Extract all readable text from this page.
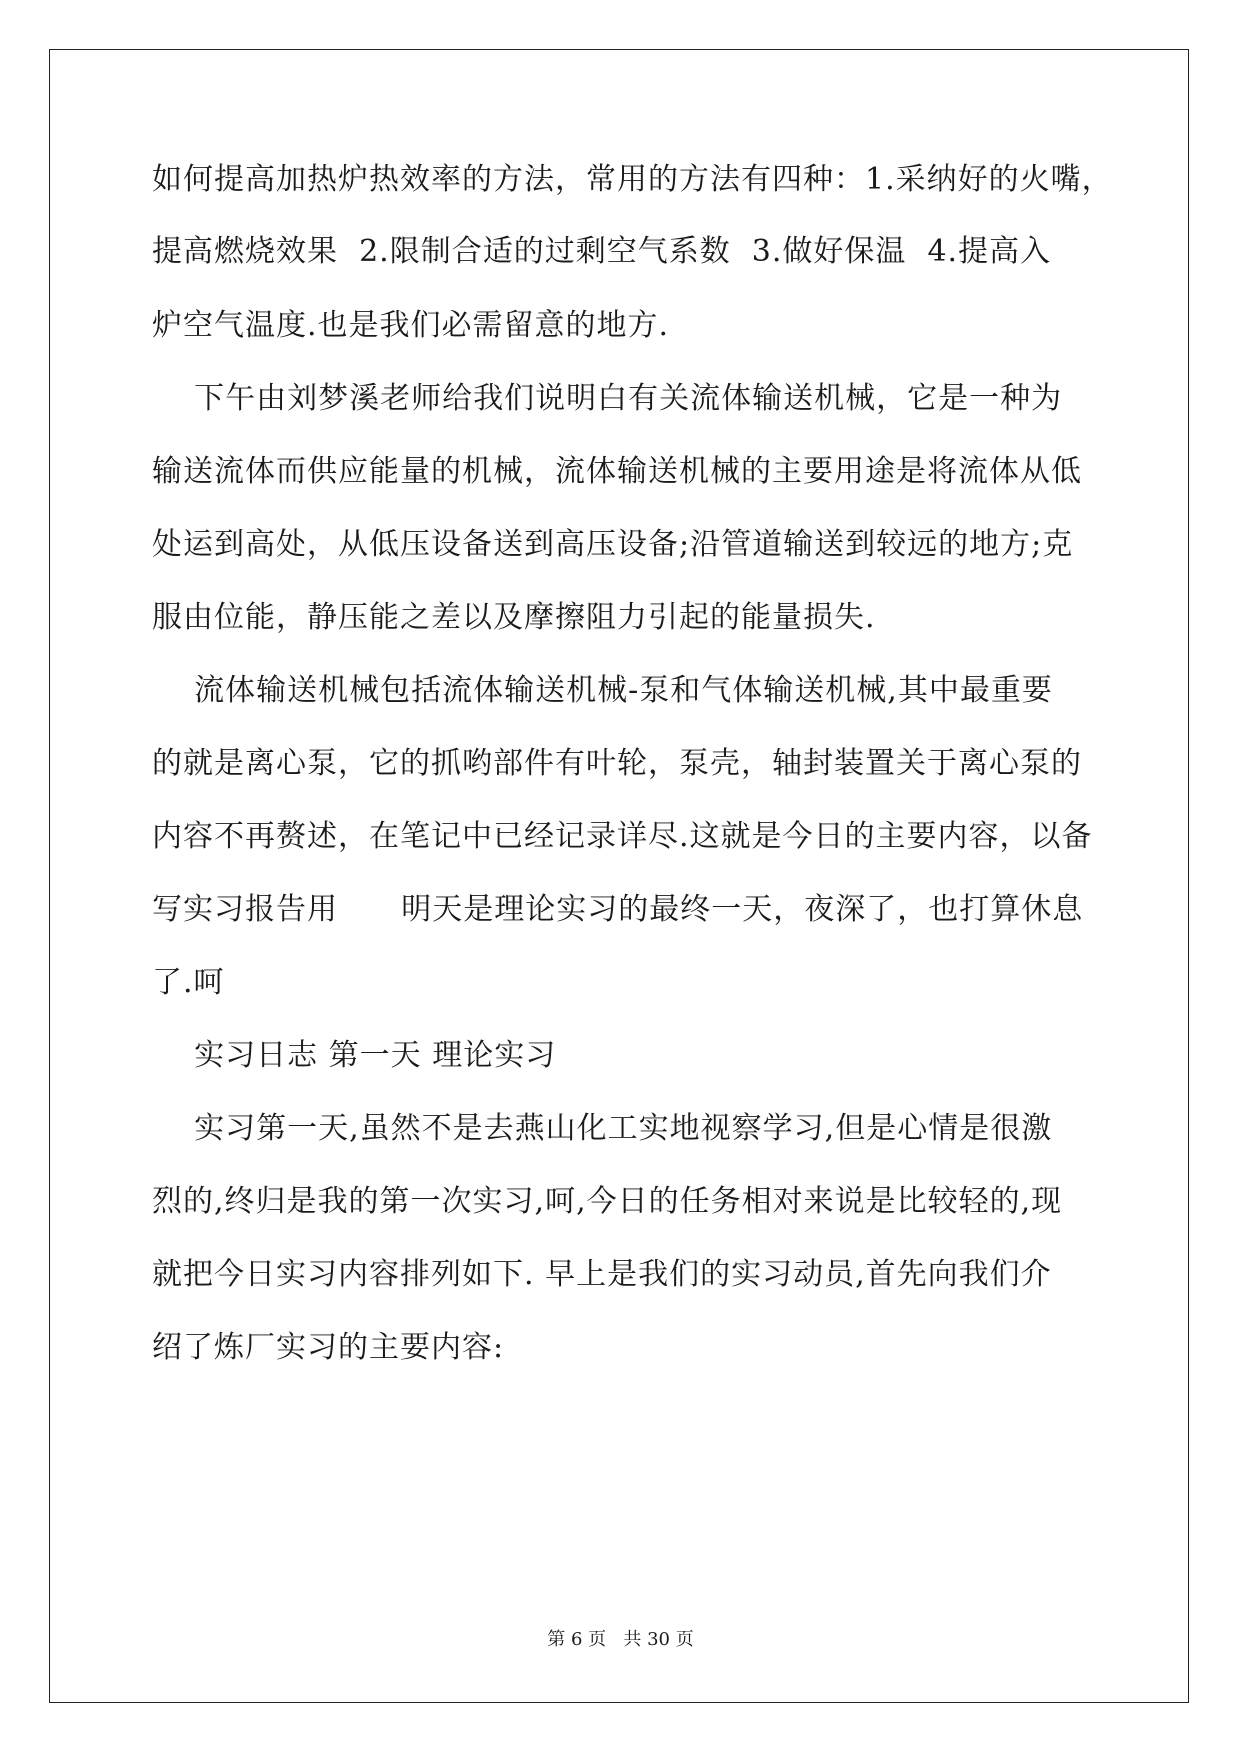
如何提高加热炉热效率的方法，常用的方法有四种：1.采纳好的火嘴，
提高燃烧效果  2.限制合适的过剩空气系数  3.做好保温  4.提高入
炉空气温度.也是我们必需留意的地方.
下午由刘梦溪老师给我们说明白有关流体输送机械，它是一种为
输送流体而供应能量的机械，流体输送机械的主要用途是将流体从低
处运到高处，从低压设备送到高压设备;沿管道输送到较远的地方;克
服由位能，静压能之差以及摩擦阻力引起的能量损失.
流体输送机械包括流体输送机械-泵和气体输送机械,其中最重要
的就是离心泵，它的抓哟部件有叶轮，泵壳，轴封装置关于离心泵的
内容不再赘述，在笔记中已经记录详尽.这就是今日的主要内容，以备
写实习报告用      明天是理论实习的最终一天，夜深了，也打算休息
了.呵
实习日志 第一天 理论实习
实习第一天,虽然不是去燕山化工实地视察学习,但是心情是很激
烈的,终归是我的第一次实习,呵,今日的任务相对来说是比较轻的,现
就把今日实习内容排列如下. 早上是我们的实习动员,首先向我们介
绍了炼厂实习的主要内容:
第 6 页   共 30 页
